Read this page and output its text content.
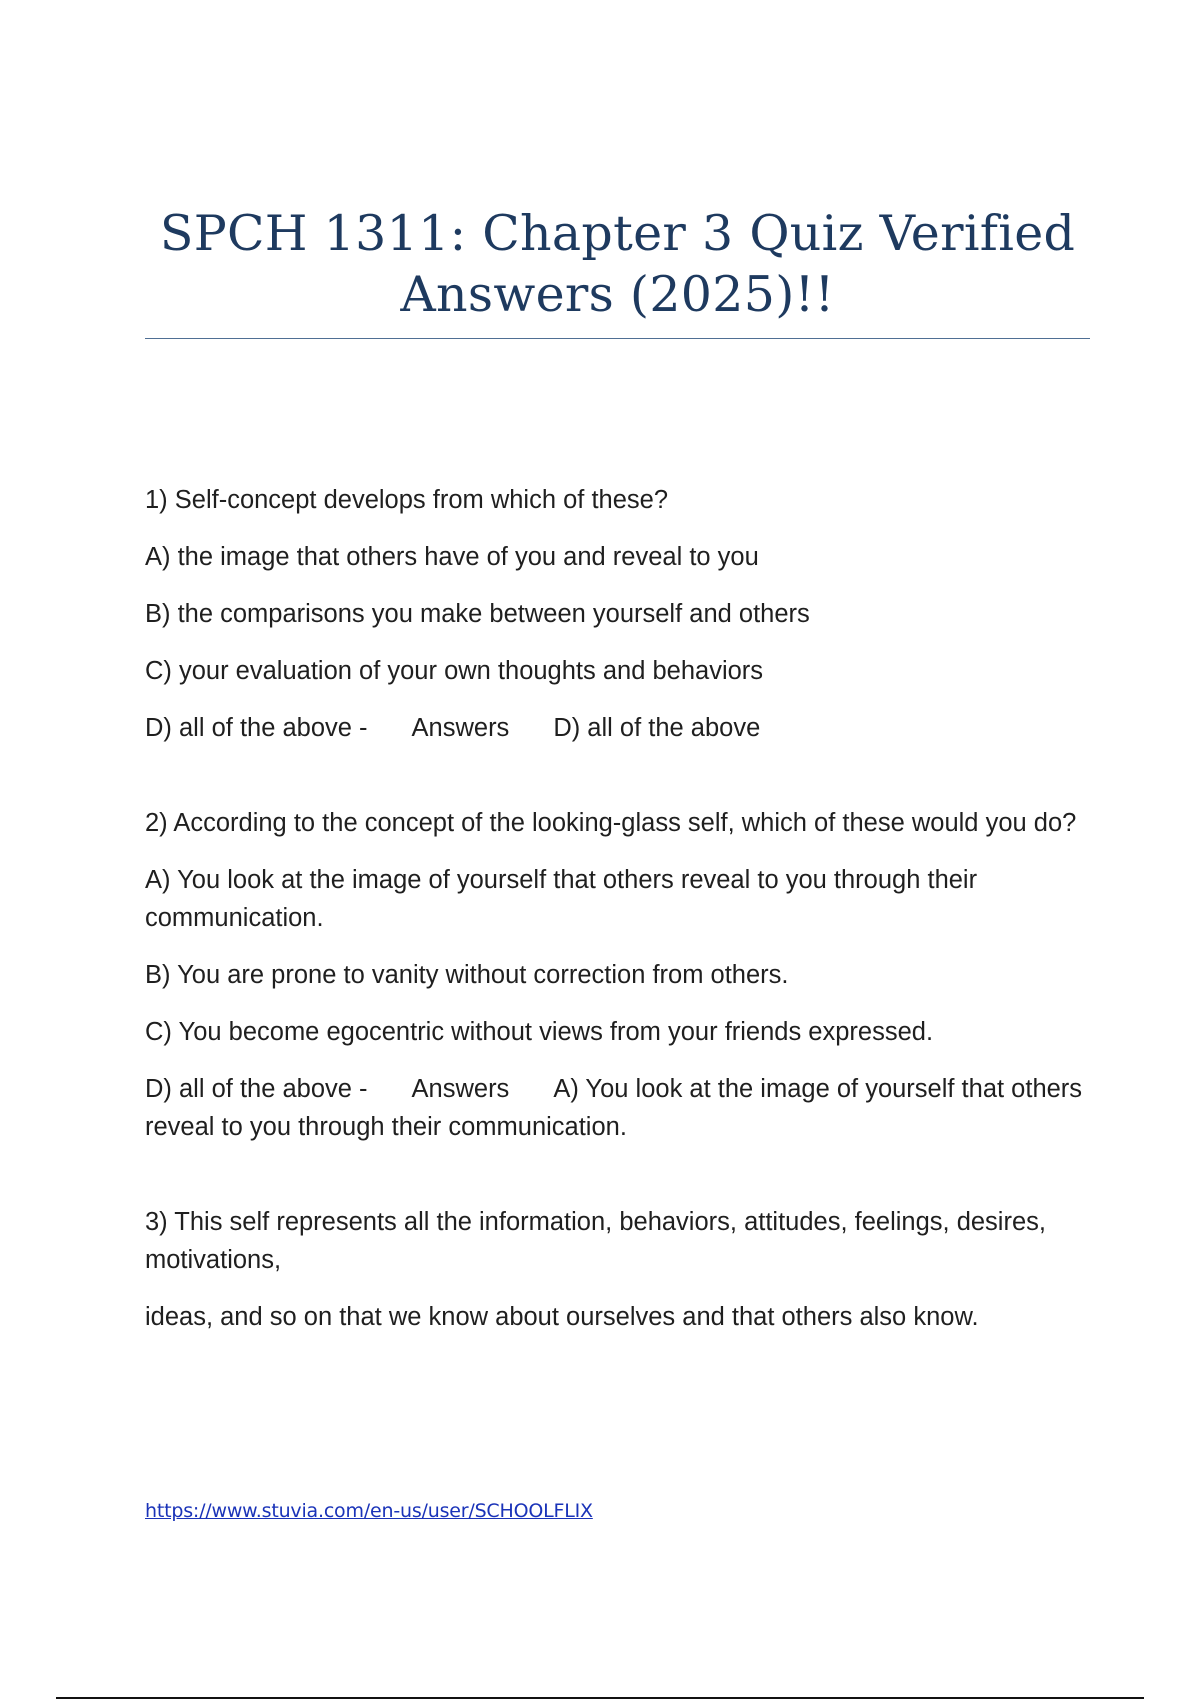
SPCH 1311: Chapter 3 Quiz Verified Answers (2025)!!

1) Self-concept develops from which of these?

A) the image that others have of you and reveal to you

B) the comparisons you make between yourself and others

C) your evaluation of your own thoughts and behaviors

D) all of the above - Answers D) all of the above

2) According to the concept of the looking-glass self, which of these would you do?

A) You look at the image of yourself that others reveal to you through their communication.

B) You are prone to vanity without correction from others.

C) You become egocentric without views from your friends expressed.

D) all of the above - Answers A) You look at the image of yourself that others reveal to you through their communication.

3) This self represents all the information, behaviors, attitudes, feelings, desires, motivations,

ideas, and so on that we know about ourselves and that others also know.

https://www.stuvia.com/en-us/user/SCHOOLFLIX
